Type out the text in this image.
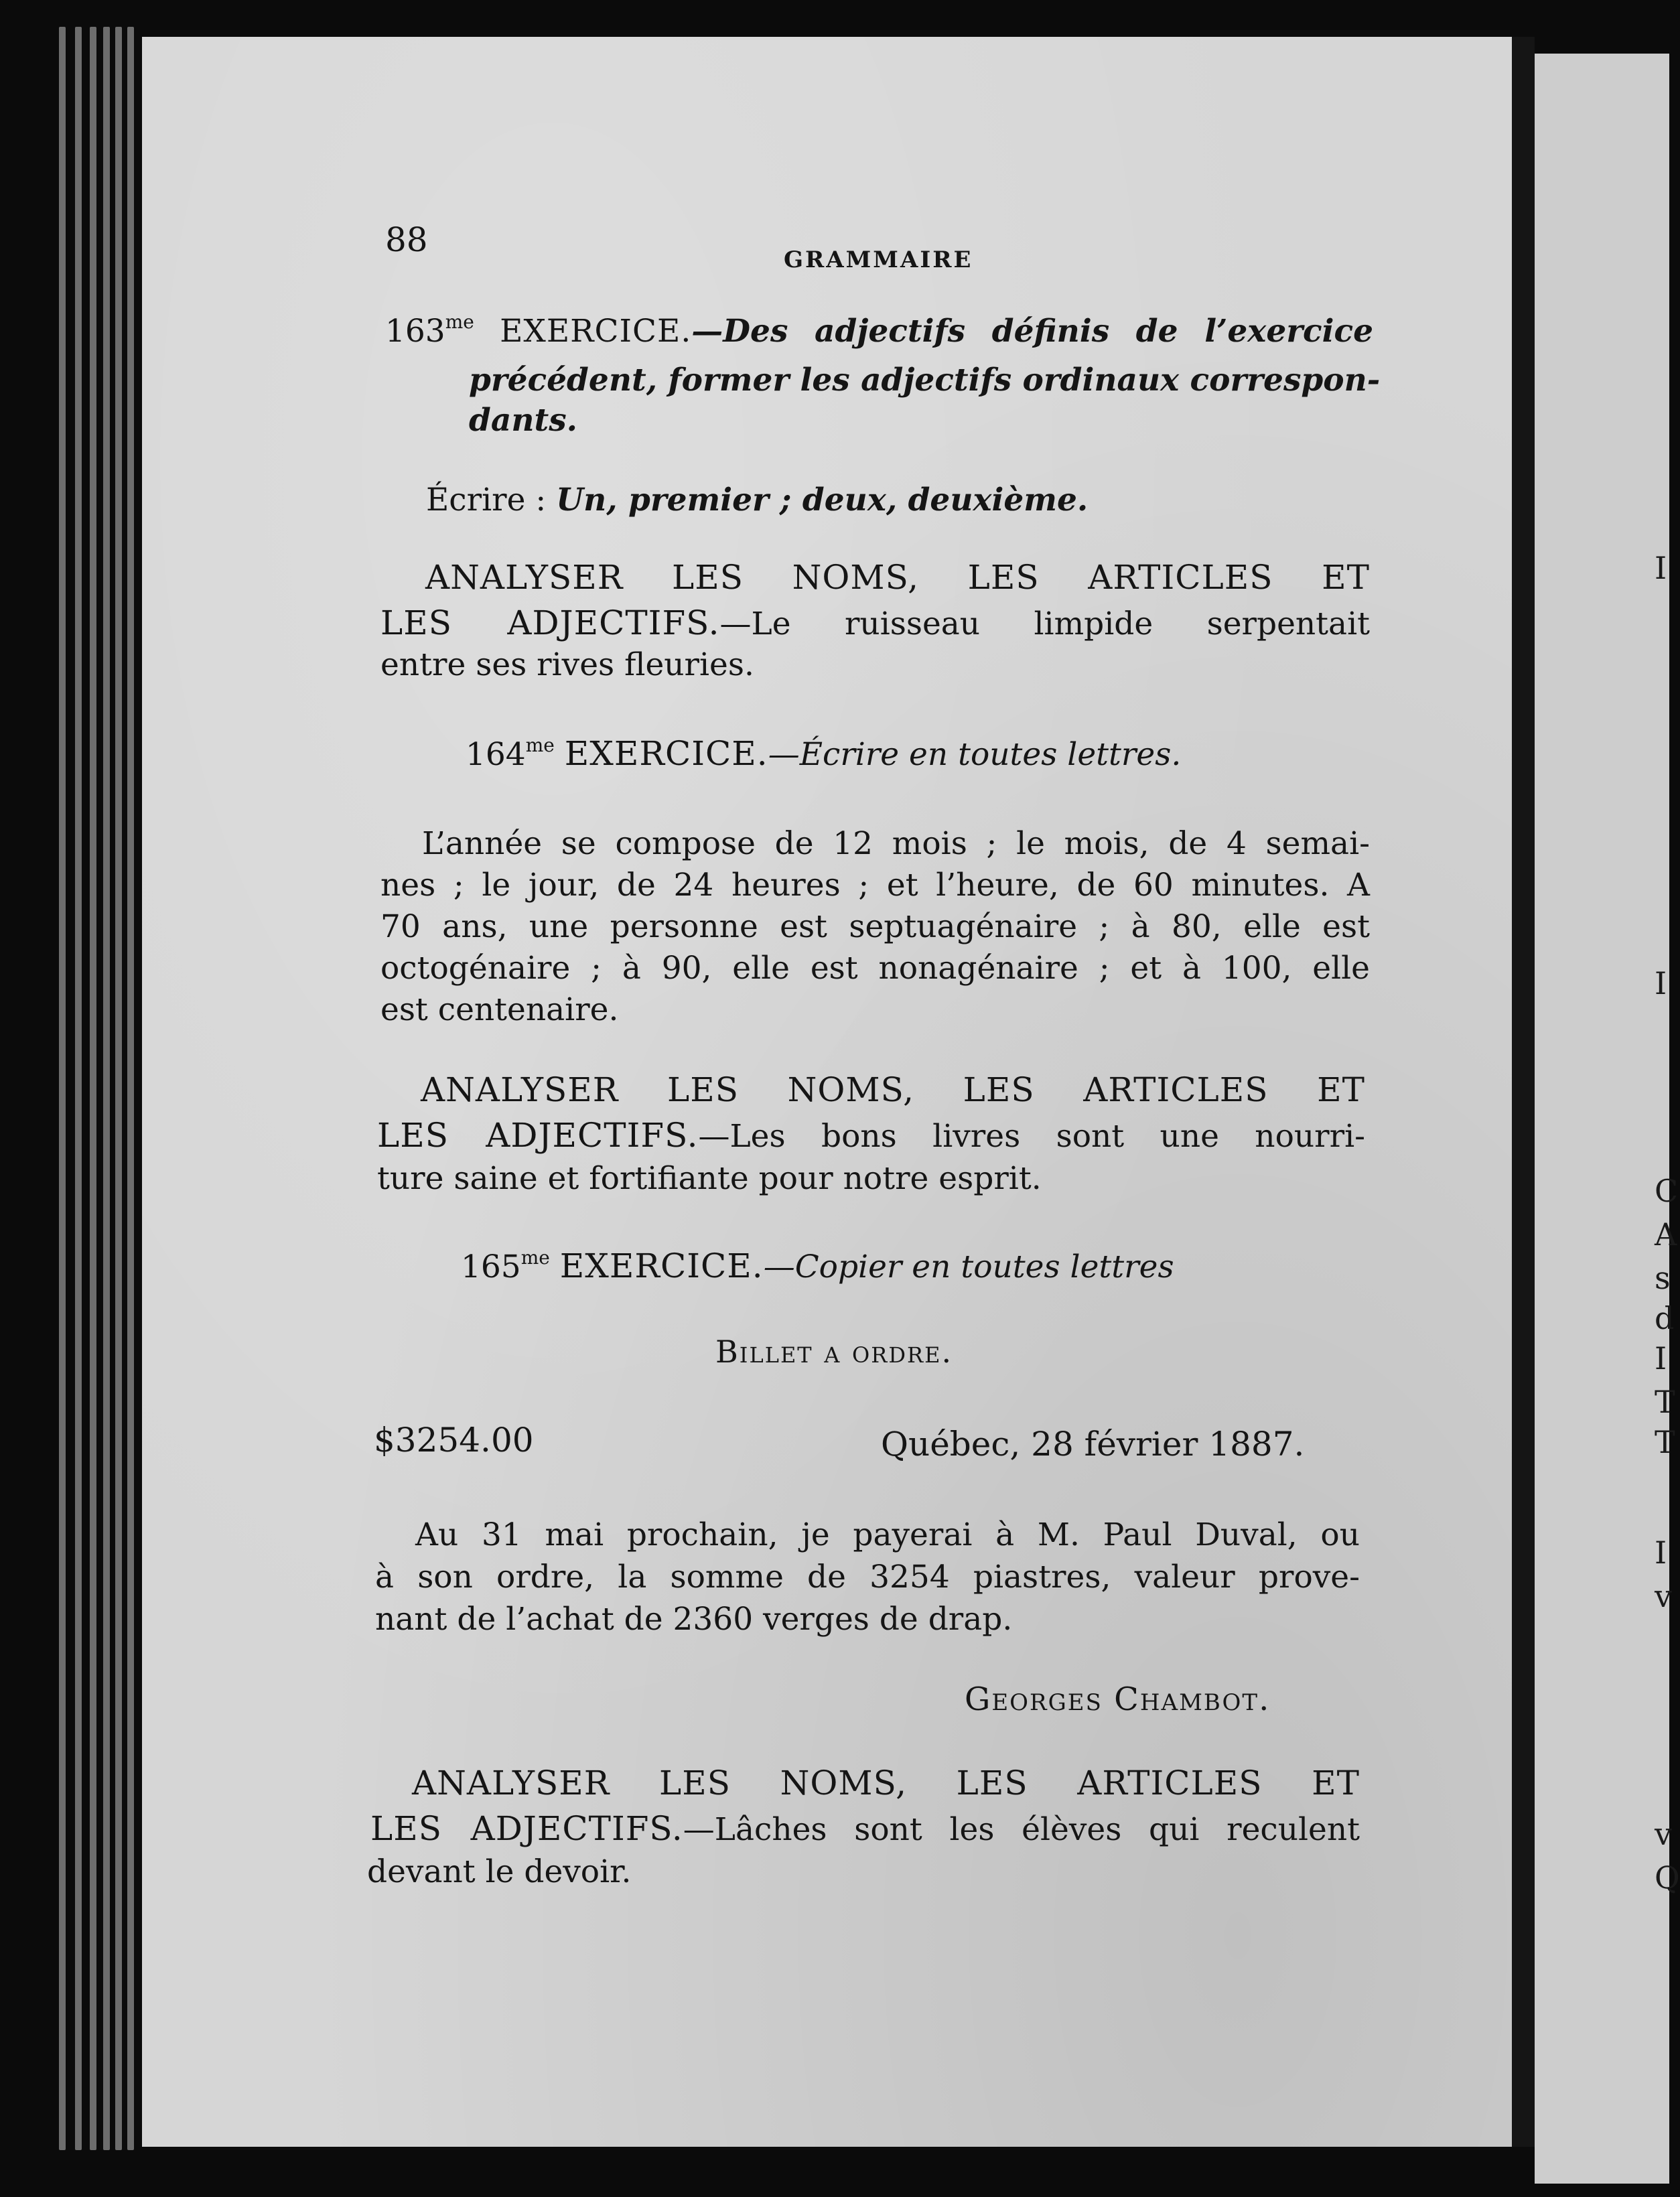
I
I
C
A
s
d
I
T
T
I
v
v
Q

88

GRAMMAIRE

$163^{me}$ EXERCICE.—Des adjectifs définis de l’exercice

précédent, former les adjectifs ordinaux correspon-

dants.

Écrire : Un, premier ; deux, deuxième.

ANALYSER LES NOMS, LES ARTICLES ET

LES ADJECTIFS.—Le ruisseau limpide serpentait

entre ses rives fleuries.

$164^{me}$ EXERCICE.—Écrire en toutes lettres.

L’année se compose de 12 mois ; le mois, de 4 semai-

nes ; le jour, de 24 heures ; et l’heure, de 60 minutes. A

70 ans, une personne est septuagénaire ; à 80, elle est

octogénaire ; à 90, elle est nonagénaire ; et à 100, elle

est centenaire.

ANALYSER LES NOMS, LES ARTICLES ET

LES ADJECTIFS.—Les bons livres sont une nourri-

ture saine et fortifiante pour notre esprit.

$165^{me}$ EXERCICE.—Copier en toutes lettres

Billet a ordre.

$3254.00	Québec, 28 février 1887.

Au 31 mai prochain, je payerai à M. Paul Duval, ou

à son ordre, la somme de 3254 piastres, valeur prove-

nant de l’achat de 2360 verges de drap.

Georges Chambot.

ANALYSER LES NOMS, LES ARTICLES ET

LES ADJECTIFS.—Lâches sont les élèves qui reculent

devant le devoir.
